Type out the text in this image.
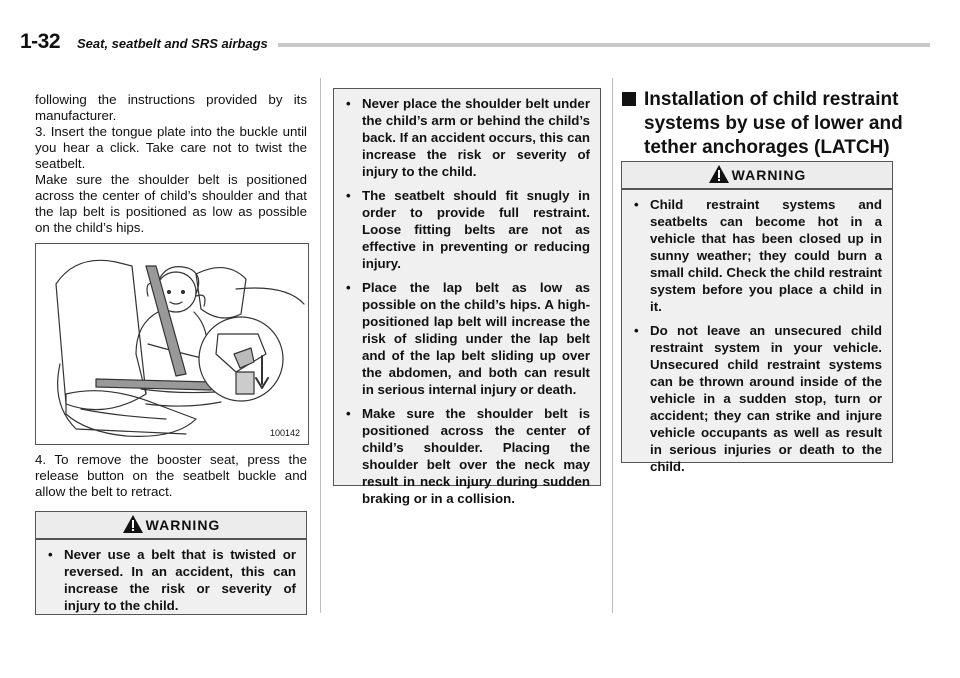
1-32 Seat, seatbelt and SRS airbags

following the instructions provided by its manufacturer.

3. Insert the tongue plate into the buckle until you hear a click. Take care not to twist the seatbelt.

Make sure the shoulder belt is positioned across the center of child’s shoulder and that the lap belt is positioned as low as possible on the child’s hips.

100142

4. To remove the booster seat, press the release button on the seatbelt buckle and allow the belt to retract.

WARNING
• Never use a belt that is twisted or reversed. In an accident, this can increase the risk or severity of injury to the child.
• Never place the shoulder belt under the child’s arm or behind the child’s back. If an accident occurs, this can increase the risk or severity of injury to the child.
• The seatbelt should fit snugly in order to provide full restraint. Loose fitting belts are not as effective in preventing or reducing injury.
• Place the lap belt as low as possible on the child’s hips. A high-positioned lap belt will increase the risk of sliding under the lap belt and of the lap belt sliding up over the abdomen, and both can result in serious internal injury or death.
• Make sure the shoulder belt is positioned across the center of child’s shoulder. Placing the shoulder belt over the neck may result in neck injury during sudden braking or in a collision.
Installation of child restraint systems by use of lower and tether anchorages (LATCH)
WARNING
• Child restraint systems and seatbelts can become hot in a vehicle that has been closed up in sunny weather; they could burn a small child. Check the child restraint system before you place a child in it.
• Do not leave an unsecured child restraint system in your vehicle. Unsecured child restraint systems can be thrown around inside of the vehicle in a sudden stop, turn or accident; they can strike and injure vehicle occupants as well as result in serious injuries or death to the child.
